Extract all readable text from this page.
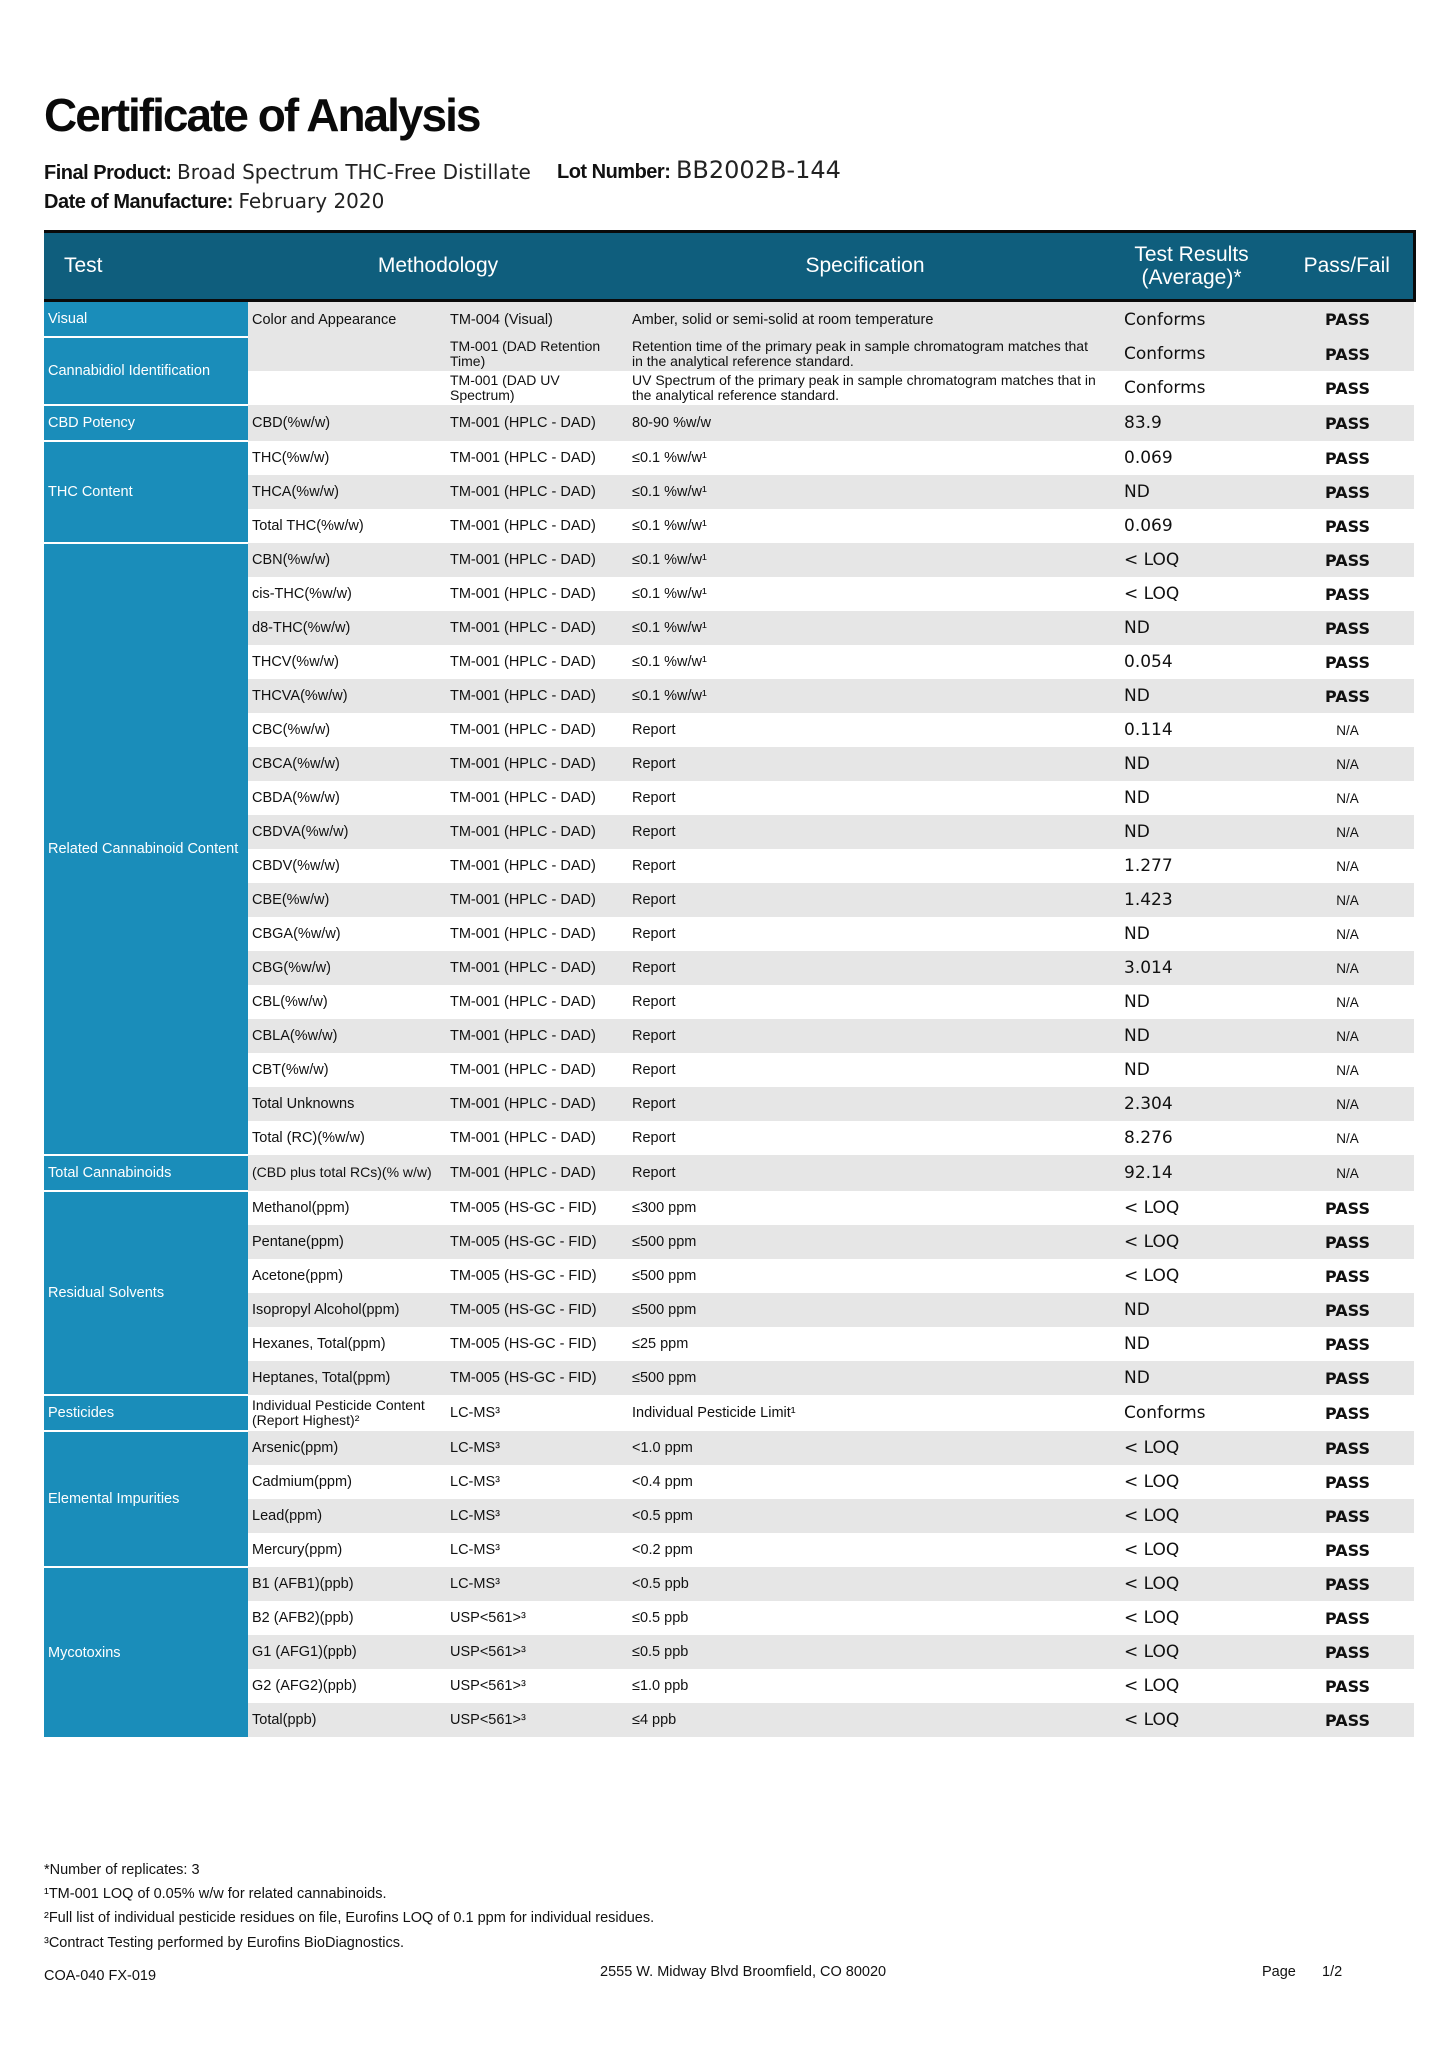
Certificate of Analysis
Final Product: Broad Spectrum THC-Free Distillate Lot Number: BB2002B-144
Date of Manufacture: February 2020
Test	Methodology		Specification	Test Results (Average)*	Pass/Fail
Visual	Color and Appearance	TM-004 (Visual)	Amber, solid or semi-solid at room temperature	Conforms	PASS
Cannabidiol Identification		TM-001 (DAD Retention Time)	Retention time of the primary peak in sample chromatogram matches that in the analytical reference standard.	Conforms	PASS
		TM-001 (DAD UV Spectrum)	UV Spectrum of the primary peak in sample chromatogram matches that in the analytical reference standard.	Conforms	PASS
CBD Potency	CBD(%w/w)	TM-001 (HPLC - DAD)	80-90 %w/w	83.9	PASS
THC Content	THC(%w/w)	TM-001 (HPLC - DAD)	≤0.1 %w/w¹	0.069	PASS
	THCA(%w/w)	TM-001 (HPLC - DAD)	≤0.1 %w/w¹	ND	PASS
	Total THC(%w/w)	TM-001 (HPLC - DAD)	≤0.1 %w/w¹	0.069	PASS
Related Cannabinoid Content	CBN(%w/w)	TM-001 (HPLC - DAD)	≤0.1 %w/w¹	< LOQ	PASS
	cis-THC(%w/w)	TM-001 (HPLC - DAD)	≤0.1 %w/w¹	< LOQ	PASS
	d8-THC(%w/w)	TM-001 (HPLC - DAD)	≤0.1 %w/w¹	ND	PASS
	THCV(%w/w)	TM-001 (HPLC - DAD)	≤0.1 %w/w¹	0.054	PASS
	THCVA(%w/w)	TM-001 (HPLC - DAD)	≤0.1 %w/w¹	ND	PASS
	CBC(%w/w)	TM-001 (HPLC - DAD)	Report	0.114	N/A
	CBCA(%w/w)	TM-001 (HPLC - DAD)	Report	ND	N/A
	CBDA(%w/w)	TM-001 (HPLC - DAD)	Report	ND	N/A
	CBDVA(%w/w)	TM-001 (HPLC - DAD)	Report	ND	N/A
	CBDV(%w/w)	TM-001 (HPLC - DAD)	Report	1.277	N/A
	CBE(%w/w)	TM-001 (HPLC - DAD)	Report	1.423	N/A
	CBGA(%w/w)	TM-001 (HPLC - DAD)	Report	ND	N/A
	CBG(%w/w)	TM-001 (HPLC - DAD)	Report	3.014	N/A
	CBL(%w/w)	TM-001 (HPLC - DAD)	Report	ND	N/A
	CBLA(%w/w)	TM-001 (HPLC - DAD)	Report	ND	N/A
	CBT(%w/w)	TM-001 (HPLC - DAD)	Report	ND	N/A
	Total Unknowns	TM-001 (HPLC - DAD)	Report	2.304	N/A
	Total (RC)(%w/w)	TM-001 (HPLC - DAD)	Report	8.276	N/A
Total Cannabinoids	(CBD plus total RCs)(% w/w)	TM-001 (HPLC - DAD)	Report	92.14	N/A
Residual Solvents	Methanol(ppm)	TM-005 (HS-GC - FID)	≤300 ppm	< LOQ	PASS
	Pentane(ppm)	TM-005 (HS-GC - FID)	≤500 ppm	< LOQ	PASS
	Acetone(ppm)	TM-005 (HS-GC - FID)	≤500 ppm	< LOQ	PASS
	Isopropyl Alcohol(ppm)	TM-005 (HS-GC - FID)	≤500 ppm	ND	PASS
	Hexanes, Total(ppm)	TM-005 (HS-GC - FID)	≤25 ppm	ND	PASS
	Heptanes, Total(ppm)	TM-005 (HS-GC - FID)	≤500 ppm	ND	PASS
Pesticides	Individual Pesticide Content (Report Highest)²	LC-MS³	Individual Pesticide Limit¹	Conforms	PASS
Elemental Impurities	Arsenic(ppm)	LC-MS³	<1.0 ppm	< LOQ	PASS
	Cadmium(ppm)	LC-MS³	<0.4 ppm	< LOQ	PASS
	Lead(ppm)	LC-MS³	<0.5 ppm	< LOQ	PASS
	Mercury(ppm)	LC-MS³	<0.2 ppm	< LOQ	PASS
Mycotoxins	B1 (AFB1)(ppb)	LC-MS³	<0.5 ppb	< LOQ	PASS
	B2 (AFB2)(ppb)	USP<561>³	≤0.5 ppb	< LOQ	PASS
	G1 (AFG1)(ppb)	USP<561>³	≤0.5 ppb	< LOQ	PASS
	G2 (AFG2)(ppb)	USP<561>³	≤1.0 ppb	< LOQ	PASS
	Total(ppb)	USP<561>³	≤4 ppb	< LOQ	PASS
*Number of replicates: 3
¹TM-001 LOQ of 0.05% w/w for related cannabinoids.
²Full list of individual pesticide residues on file, Eurofins LOQ of 0.1 ppm for individual residues.
³Contract Testing performed by Eurofins BioDiagnostics.
COA-040 FX-019	2555 W. Midway Blvd Broomfield, CO 80020	Page 1/2
